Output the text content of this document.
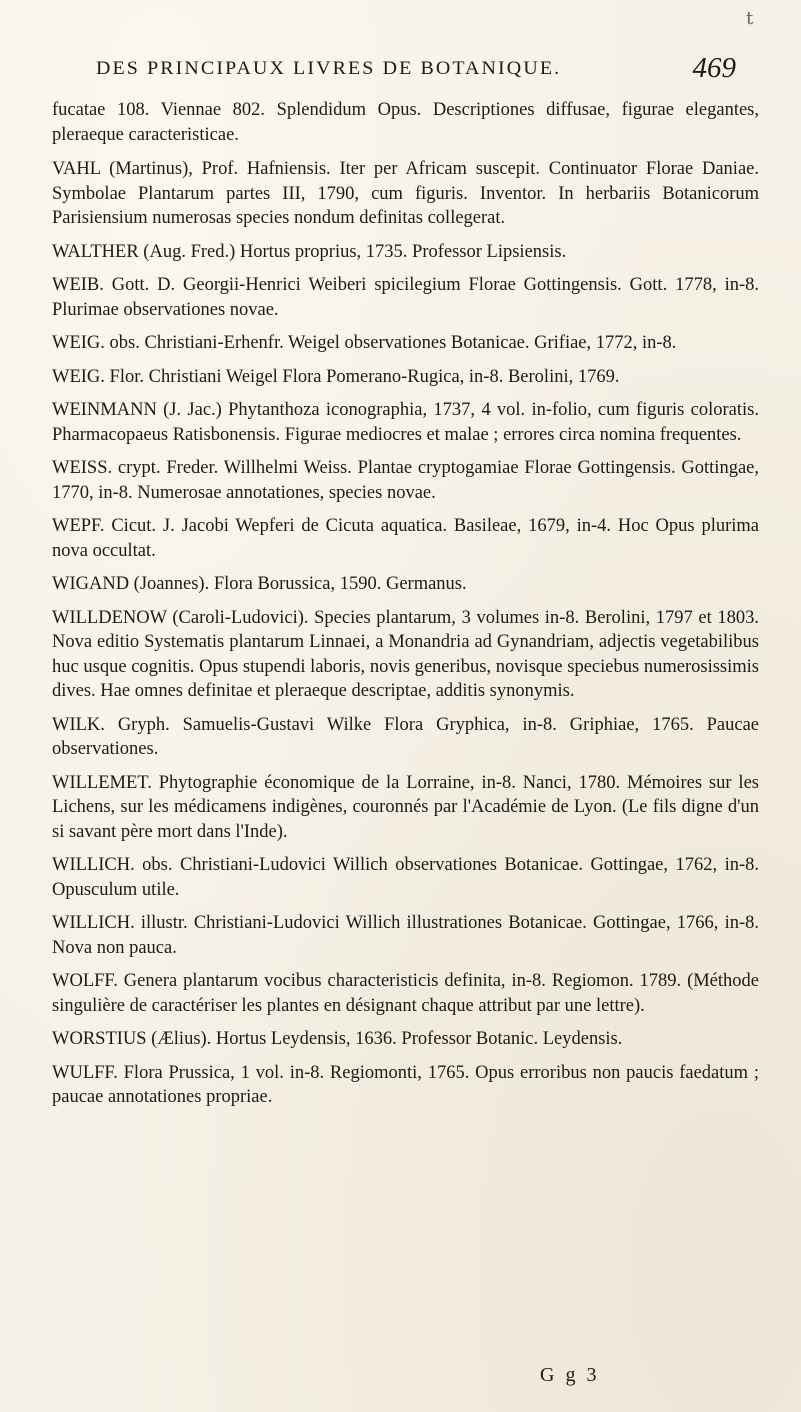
t
DES PRINCIPAUX LIVRES DE BOTANIQUE.	469
fucatae 108. Viennae 802. Splendidum Opus. Descriptiones diffusae, figurae elegantes, pleraeque caracteristicae.
VAHL (Martinus), Prof. Hafniensis. Iter per Africam suscepit. Continuator Florae Daniae. Symbolae Plantarum partes III, 1790, cum figuris. Inventor. In herbariis Botanicorum Parisiensium numerosas species nondum definitas collegerat.
WALTHER (Aug. Fred.) Hortus proprius, 1735. Professor Lipsiensis.
WEIB. Gott. D. Georgii-Henrici Weiberi spicilegium Florae Gottingensis. Gott. 1778, in-8. Plurimae observationes novae.
WEIG. obs. Christiani-Erhenfr. Weigel observationes Botanicae. Grifiae, 1772, in-8.
WEIG. Flor. Christiani Weigel Flora Pomerano-Rugica, in-8. Berolini, 1769.
WEINMANN (J. Jac.) Phytanthoza iconographia, 1737, 4 vol. in-folio, cum figuris coloratis. Pharmacopaeus Ratisbonensis. Figurae mediocres et malae ; errores circa nomina frequentes.
WEISS. crypt. Freder. Willhelmi Weiss. Plantae cryptogamiae Florae Gottingensis. Gottingae, 1770, in-8. Numerosae annotationes, species novae.
WEPF. Cicut. J. Jacobi Wepferi de Cicuta aquatica. Basileae, 1679, in-4. Hoc Opus plurima nova occultat.
WIGAND (Joannes). Flora Borussica, 1590. Germanus.
WILLDENOW (Caroli-Ludovici). Species plantarum, 3 volumes in-8. Berolini, 1797 et 1803. Nova editio Systematis plantarum Linnaei, a Monandria ad Gynandriam, adjectis vegetabilibus huc usque cognitis. Opus stupendi laboris, novis generibus, novisque speciebus numerosissimis dives. Hae omnes definitae et pleraeque descriptae, additis synonymis.
WILK. Gryph. Samuelis-Gustavi Wilke Flora Gryphica, in-8. Griphiae, 1765. Paucae observationes.
WILLEMET. Phytographie économique de la Lorraine, in-8. Nanci, 1780. Mémoires sur les Lichens, sur les médicamens indigènes, couronnés par l'Académie de Lyon. (Le fils digne d'un si savant père mort dans l'Inde).
WILLICH. obs. Christiani-Ludovici Willich observationes Botanicae. Gottingae, 1762, in-8. Opusculum utile.
WILLICH. illustr. Christiani-Ludovici Willich illustrationes Botanicae. Gottingae, 1766, in-8. Nova non pauca.
WOLFF. Genera plantarum vocibus characteristicis definita, in-8. Regiomon. 1789. (Méthode singulière de caractériser les plantes en désignant chaque attribut par une lettre).
WORSTIUS (Ælius). Hortus Leydensis, 1636. Professor Botanic. Leydensis.
WULFF. Flora Prussica, 1 vol. in-8. Regiomonti, 1765. Opus erroribus non paucis faedatum ; paucae annotationes propriae.
G g 3
